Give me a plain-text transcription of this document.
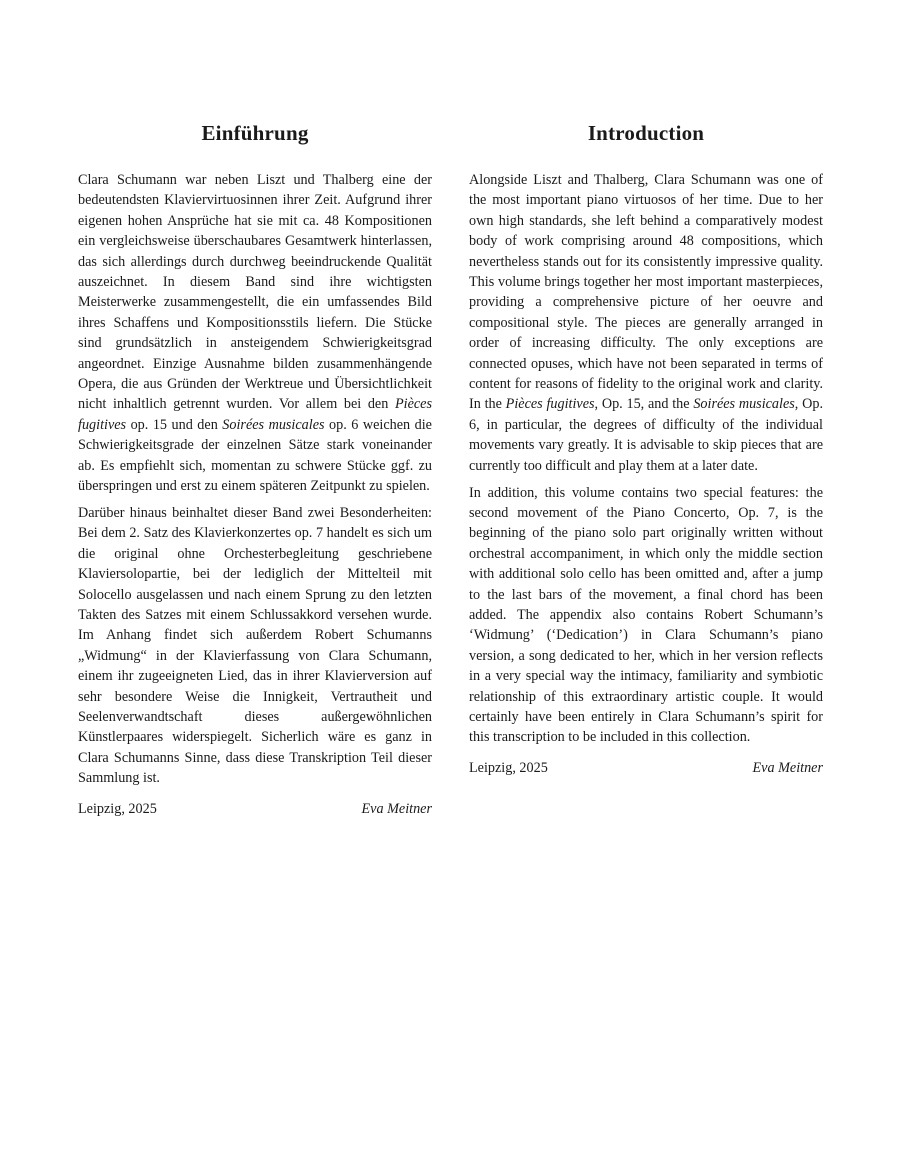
Einführung

Clara Schumann war neben Liszt und Thalberg eine der bedeutendsten Klaviervirtuosinnen ihrer Zeit. Aufgrund ihrer eigenen hohen Ansprüche hat sie mit ca. 48 Kompositionen ein vergleichsweise überschaubares Gesamtwerk hinterlassen, das sich allerdings durch durchweg beeindruckende Qualität auszeichnet. In diesem Band sind ihre wichtigsten Meisterwerke zusammengestellt, die ein umfassendes Bild ihres Schaffens und Kompositionsstils liefern. Die Stücke sind grundsätzlich in ansteigendem Schwierigkeitsgrad angeordnet. Einzige Ausnahme bilden zusammenhängende Opera, die aus Gründen der Werktreue und Übersichtlichkeit nicht inhaltlich getrennt wurden. Vor allem bei den Pièces fugitives op. 15 und den Soirées musicales op. 6 weichen die Schwierigkeitsgrade der einzelnen Sätze stark voneinander ab. Es empfiehlt sich, momentan zu schwere Stücke ggf. zu überspringen und erst zu einem späteren Zeitpunkt zu spielen.

Darüber hinaus beinhaltet dieser Band zwei Besonderheiten: Bei dem 2. Satz des Klavierkonzertes op. 7 handelt es sich um die original ohne Orchesterbegleitung geschriebene Klaviersolopartie, bei der lediglich der Mittelteil mit Solocello ausgelassen und nach einem Sprung zu den letzten Takten des Satzes mit einem Schlussakkord versehen wurde. Im Anhang findet sich außerdem Robert Schumanns „Widmung“ in der Klavierfassung von Clara Schumann, einem ihr zugeeigneten Lied, das in ihrer Klavierversion auf sehr besondere Weise die Innigkeit, Vertrautheit und Seelenverwandtschaft dieses außergewöhnlichen Künstlerpaares widerspiegelt. Sicherlich wäre es ganz in Clara Schumanns Sinne, dass diese Transkription Teil dieser Sammlung ist.

Leipzig, 2025	Eva Meitner
Introduction

Alongside Liszt and Thalberg, Clara Schumann was one of the most important piano virtuosos of her time. Due to her own high standards, she left behind a comparatively modest body of work comprising around 48 compositions, which nevertheless stands out for its consistently impressive quality. This volume brings together her most important masterpieces, providing a comprehensive picture of her oeuvre and compositional style. The pieces are generally arranged in order of increasing difficulty. The only exceptions are connected opuses, which have not been separated in terms of content for reasons of fidelity to the original work and clarity. In the Pièces fugitives, Op. 15, and the Soirées musicales, Op. 6, in particular, the degrees of difficulty of the individual movements vary greatly. It is advisable to skip pieces that are currently too difficult and play them at a later date.

In addition, this volume contains two special features: the second movement of the Piano Concerto, Op. 7, is the beginning of the piano solo part originally written without orchestral accompaniment, in which only the middle section with additional solo cello has been omitted and, after a jump to the last bars of the movement, a final chord has been added. The appendix also contains Robert Schumann’s ‘Widmung’ (‘Dedication’) in Clara Schumann’s piano version, a song dedicated to her, which in her version reflects in a very special way the intimacy, familiarity and symbiotic relationship of this extraordinary artistic couple. It would certainly have been entirely in Clara Schumann’s spirit for this transcription to be included in this collection.

Leipzig, 2025	Eva Meitner
